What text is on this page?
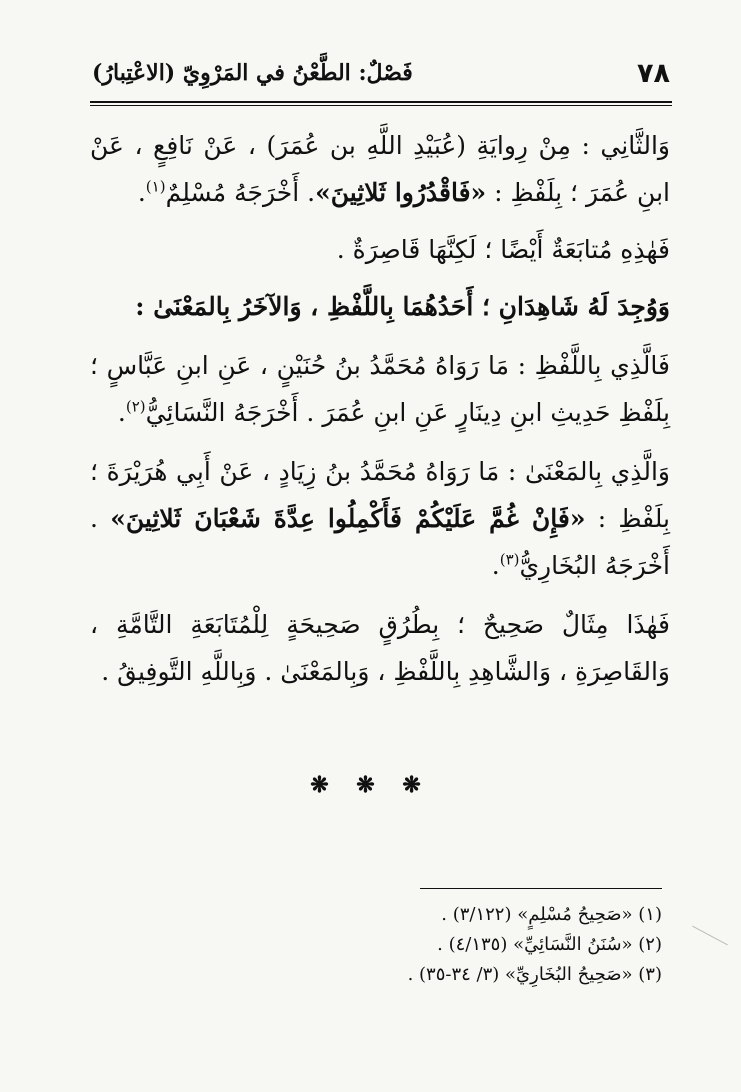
٧٨
فَصْلٌ: الطَّعْنُ في المَرْوِيّ (الاعْتِبارُ)

وَالثَّانِي : مِنْ رِوايَةِ (عُبَيْدِ اللَّهِ بن عُمَرَ) ، عَنْ نَافِعٍ ، عَنْ ابنِ عُمَرَ ؛ بِلَفْظِ : «فَاقْدُرُوا ثَلاثِينَ». أَخْرَجَهُ مُسْلِمٌ$^{(١)}$.

فَهٰذِهِ مُتابَعَةٌ أَيْضًا ؛ لَكِنَّهَا قَاصِرَةٌ .

وَوُجِدَ لَهُ شَاهِدَانِ ؛ أَحَدُهُمَا بِاللَّفْظِ ، وَالآخَرُ بِالمَعْنَىٰ :

فَالَّذِي بِاللَّفْظِ : مَا رَوَاهُ مُحَمَّدُ بنُ حُنَيْنٍ ، عَنِ ابنِ عَبَّاسٍ ؛ بِلَفْظِ حَدِيثِ ابنِ دِينَارٍ عَنِ ابنِ عُمَرَ . أَخْرَجَهُ النَّسَائِيُّ$^{(٢)}$.

وَالَّذِي بِالمَعْنَىٰ : مَا رَوَاهُ مُحَمَّدُ بنُ زِيَادٍ ، عَنْ أَبِي هُرَيْرَةَ ؛ بِلَفْظِ : «فَإِنْ غُمَّ عَلَيْكُمْ فَأَكْمِلُوا عِدَّةَ شَعْبَانَ ثَلاثِينَ» . أَخْرَجَهُ البُخَارِيُّ$^{(٣)}$.

فَهٰذَا مِثَالٌ صَحِيحٌ ؛ بِطُرُقٍ صَحِيحَةٍ لِلْمُتَابَعَةِ التَّامَّةِ ، وَالقَاصِرَةِ ، وَالشَّاهِدِ بِاللَّفْظِ ، وَبِالمَعْنَىٰ . وَبِاللَّهِ التَّوفِيقُ .

❋ ❋ ❋
(١) «صَحِيحُ مُسْلِمٍ» (٣/١٢٢) .
(٢) «سُنَنُ النَّسَائِيِّ» (٤/١٣٥) .
(٣) «صَحِيحُ البُخَارِيِّ» (٣/ ٣٤-٣٥) .
